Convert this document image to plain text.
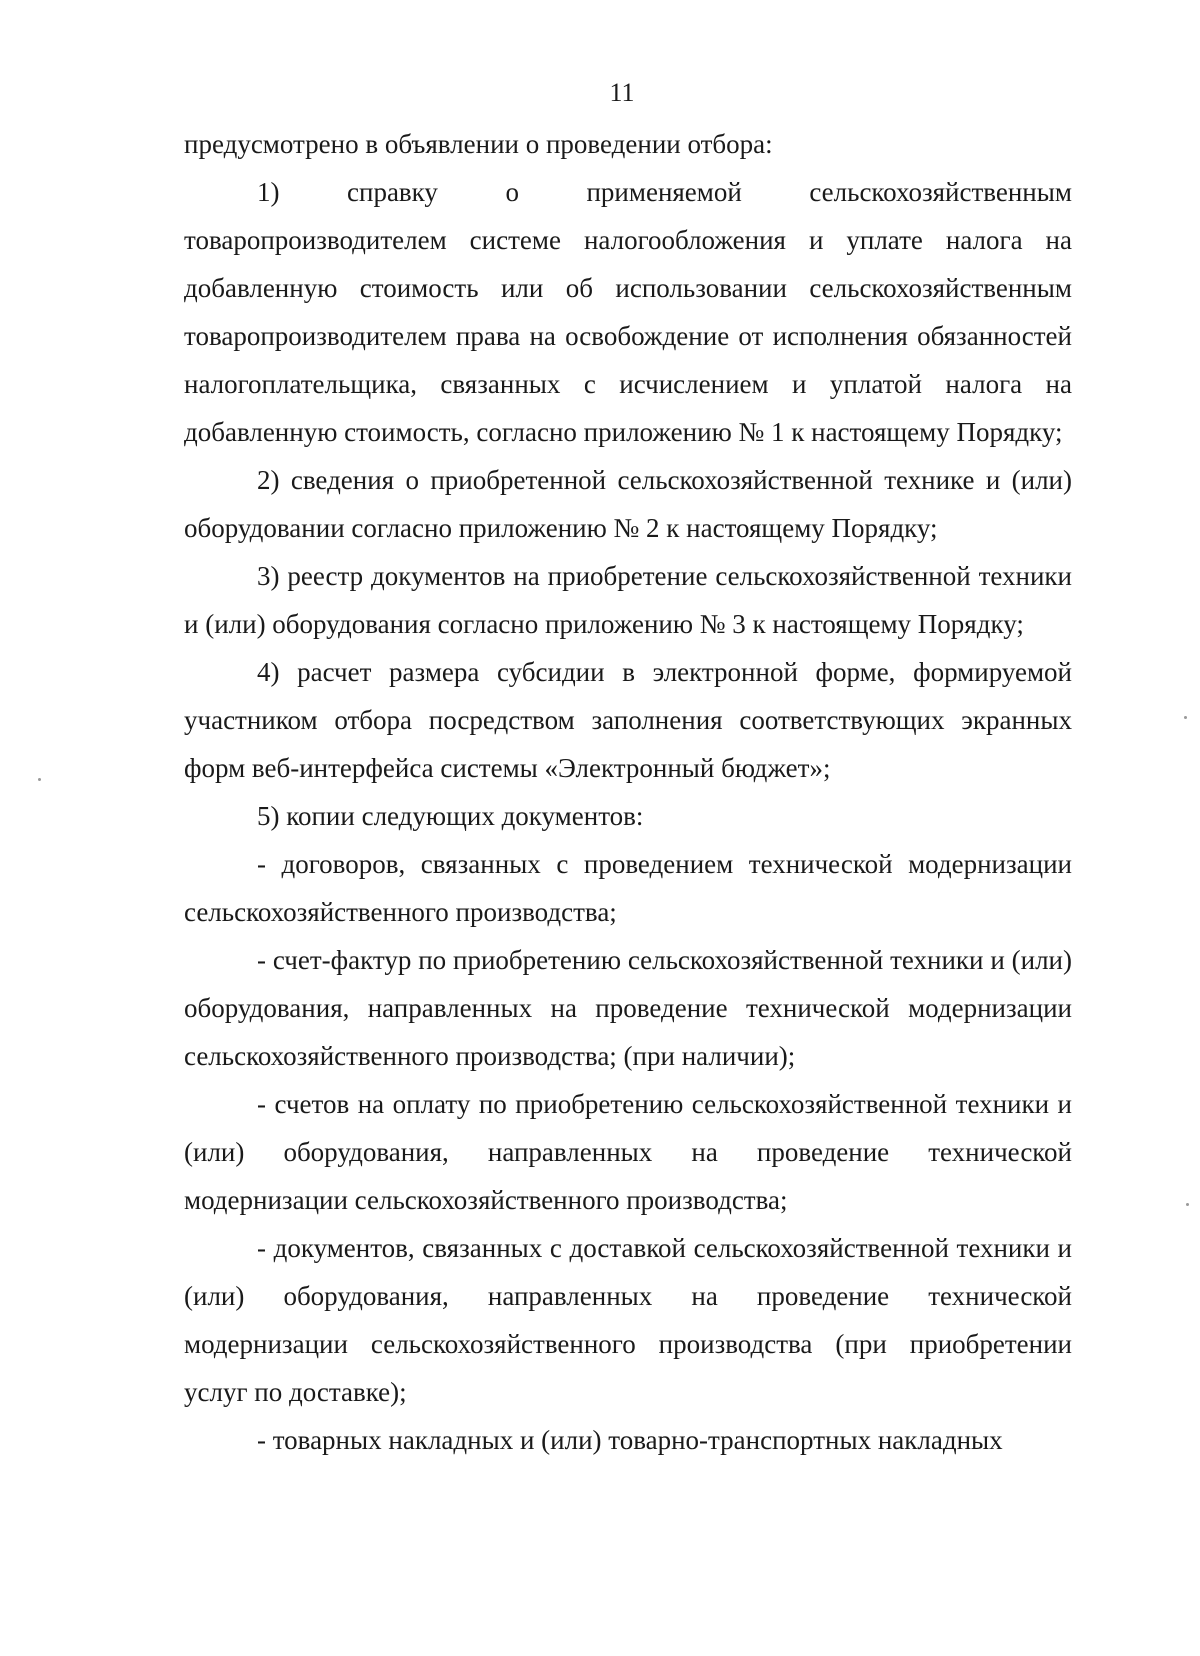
11

предусмотрено в объявлении о проведении отбора:

1) справку о применяемой сельскохозяйственным товаропроизводителем системе налогообложения и уплате налога на добавленную стоимость или об использовании сельскохозяйственным товаропроизводителем права на освобождение от исполнения обязанностей налогоплательщика, связанных с исчислением и уплатой налога на добавленную стоимость, согласно приложению № 1 к настоящему Порядку;

2) сведения о приобретенной сельскохозяйственной технике и (или) оборудовании согласно приложению № 2 к настоящему Порядку;

3) реестр документов на приобретение сельскохозяйственной техники и (или) оборудования согласно приложению № 3 к настоящему Порядку;

4) расчет размера субсидии в электронной форме, формируемой участником отбора посредством заполнения соответствующих экранных форм веб-интерфейса системы «Электронный бюджет»;

5) копии следующих документов:

- договоров, связанных с проведением технической модернизации сельскохозяйственного производства;

- счет-фактур по приобретению сельскохозяйственной техники и (или) оборудования, направленных на проведение технической модернизации сельскохозяйственного производства; (при наличии);

- счетов на оплату по приобретению сельскохозяйственной техники и (или) оборудования, направленных на проведение технической модернизации сельскохозяйственного производства;

- документов, связанных с доставкой сельскохозяйственной техники и (или) оборудования, направленных на проведение технической модернизации сельскохозяйственного производства (при приобретении услуг по доставке);

- товарных накладных и (или) товарно-транспортных накладных
